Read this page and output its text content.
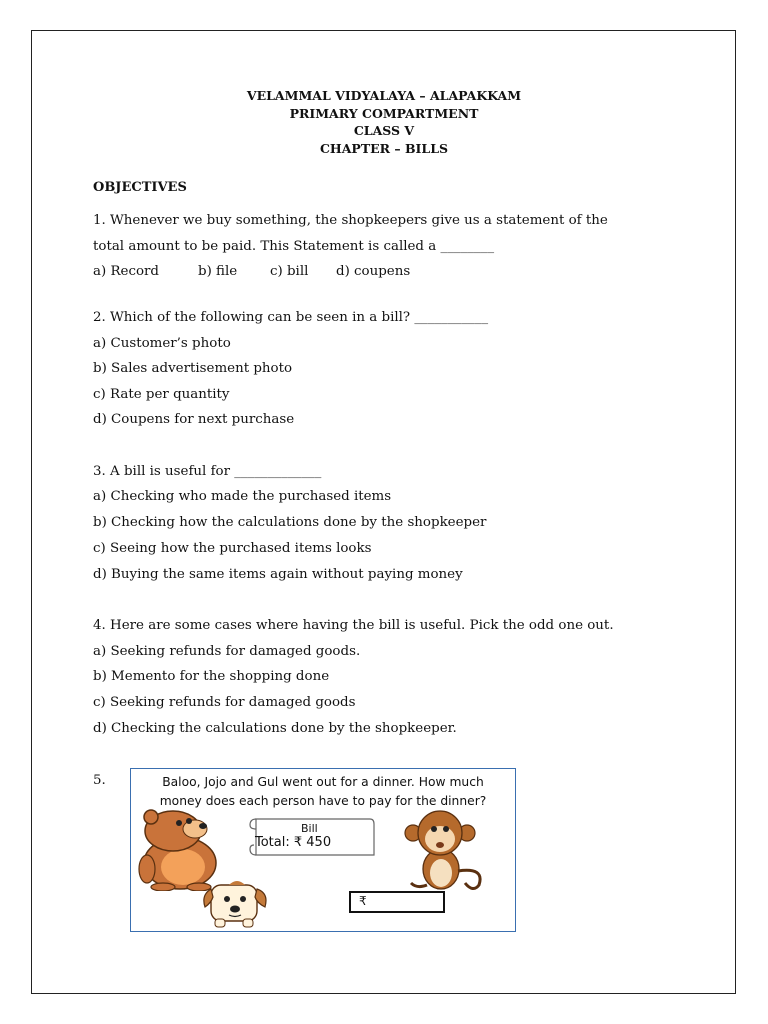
VELAMMAL VIDYALAYA – ALAPAKKAM
PRIMARY COMPARTMENT
CLASS V
CHAPTER – BILLS
OBJECTIVES
1. Whenever we buy something, the shopkeepers give us a statement of the
total amount to be paid. This Statement is called a ________
a) Record	b) file c) bill d) coupens
2. Which of the following can be seen in a bill? ___________
a) Customer’s photo
b) Sales advertisement photo
c) Rate per quantity
d) Coupens for next purchase
3. A bill is useful for _____________
a) Checking who made the purchased items
b) Checking how the calculations done by the shopkeeper
c) Seeing how the purchased items looks
d) Buying the same items again without paying money
4. Here are some cases where having the bill is useful. Pick the odd one out.
a) Seeking refunds for damaged goods.
b) Memento for the shopping done
c) Seeking refunds for damaged goods
d) Checking the calculations done by the shopkeeper.
5.	Baloo, Jojo and Gul went out for a dinner. How much
money does each person have to pay for the dinner?
Bill
Total: ₹ 450
₹
